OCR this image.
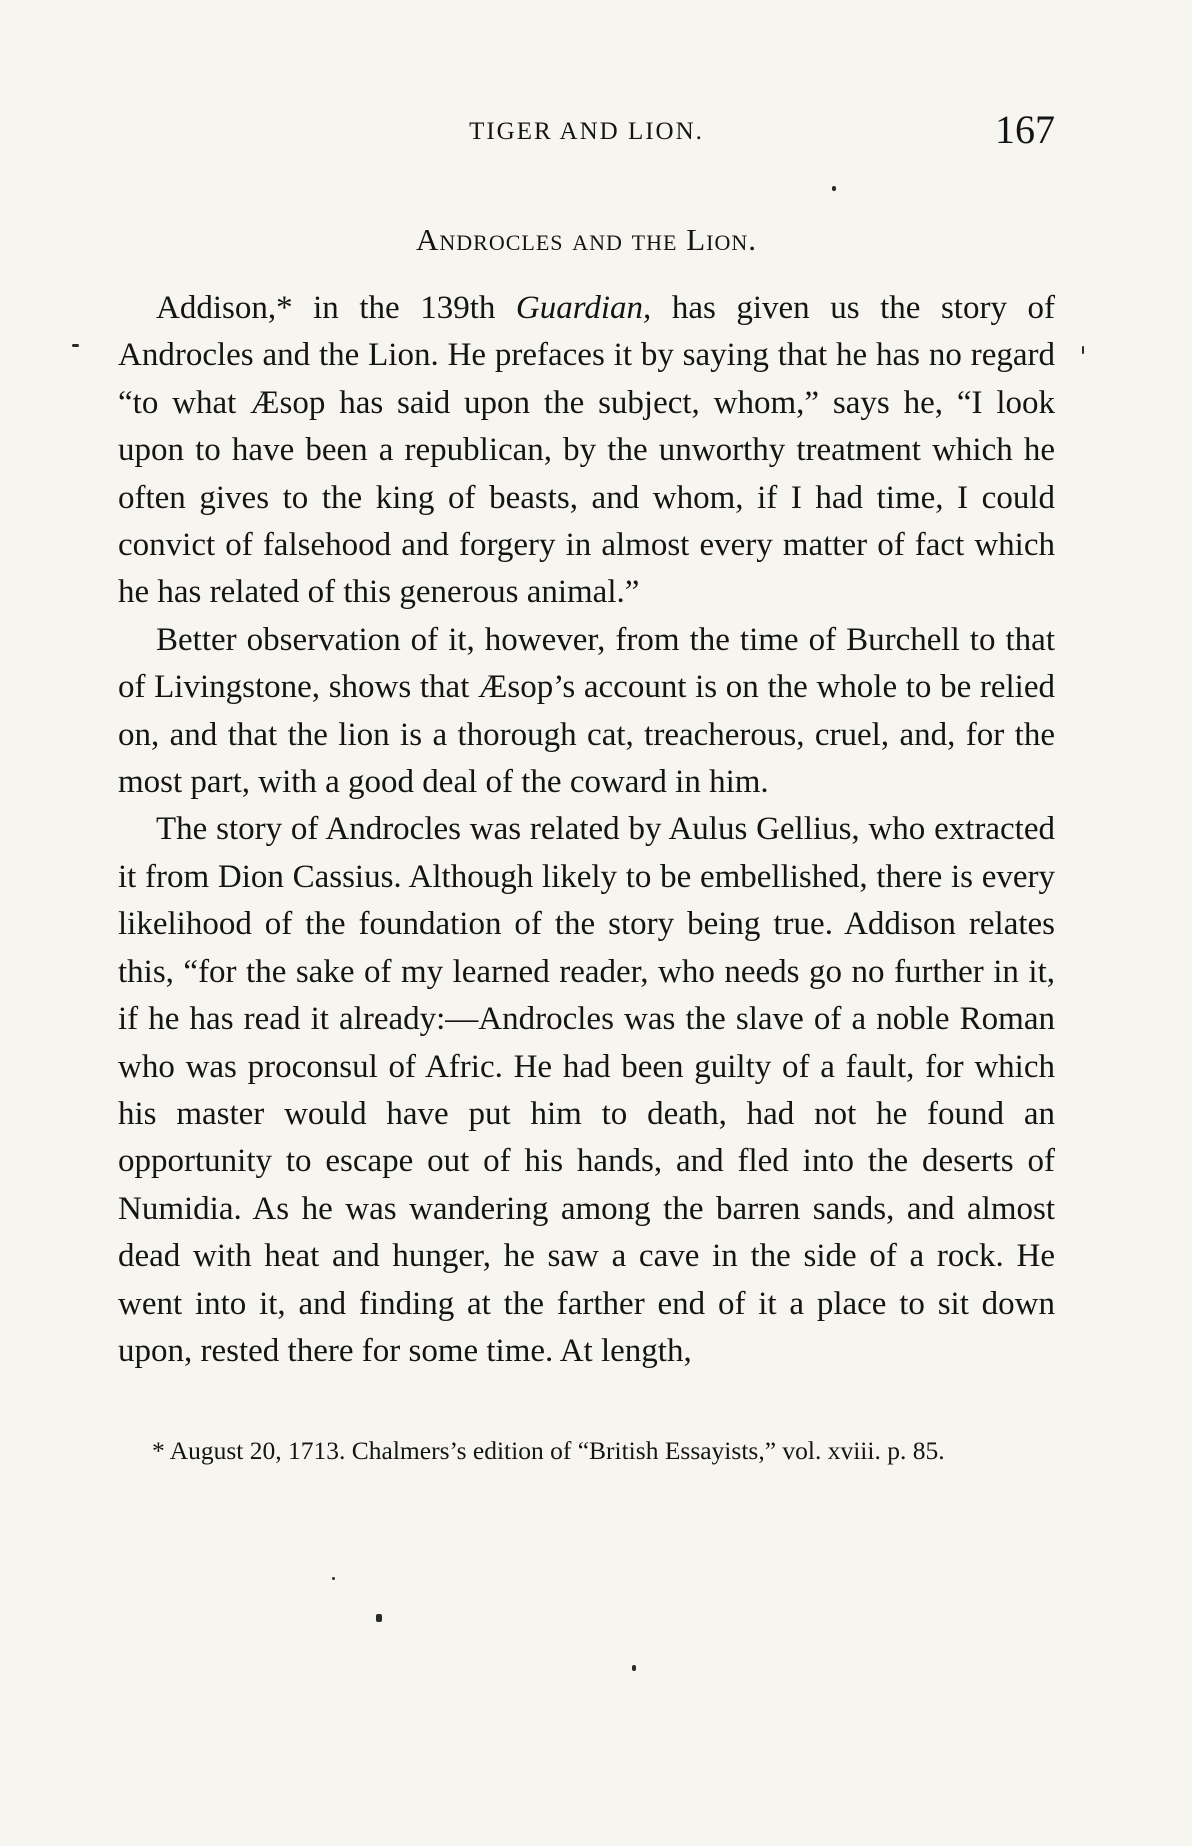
TIGER AND LION.	167
Androcles and the Lion.

Addison,* in the 139th Guardian, has given us the story of Androcles and the Lion. He prefaces it by saying that he has no regard “to what Æsop has said upon the subject, whom,” says he, “I look upon to have been a republican, by the unworthy treatment which he often gives to the king of beasts, and whom, if I had time, I could convict of falsehood and forgery in almost every matter of fact which he has related of this generous animal.”

Better observation of it, however, from the time of Burchell to that of Livingstone, shows that Æsop’s account is on the whole to be relied on, and that the lion is a thorough cat, treacherous, cruel, and, for the most part, with a good deal of the coward in him.

The story of Androcles was related by Aulus Gellius, who extracted it from Dion Cassius. Although likely to be embellished, there is every likelihood of the foundation of the story being true. Addison relates this, “for the sake of my learned reader, who needs go no further in it, if he has read it already:—Androcles was the slave of a noble Roman who was proconsul of Afric. He had been guilty of a fault, for which his master would have put him to death, had not he found an opportunity to escape out of his hands, and fled into the deserts of Numidia. As he was wandering among the barren sands, and almost dead with heat and hunger, he saw a cave in the side of a rock. He went into it, and finding at the farther end of it a place to sit down upon, rested there for some time. At length,

* August 20, 1713. Chalmers’s edition of “British Essayists,” vol. xviii. p. 85.
